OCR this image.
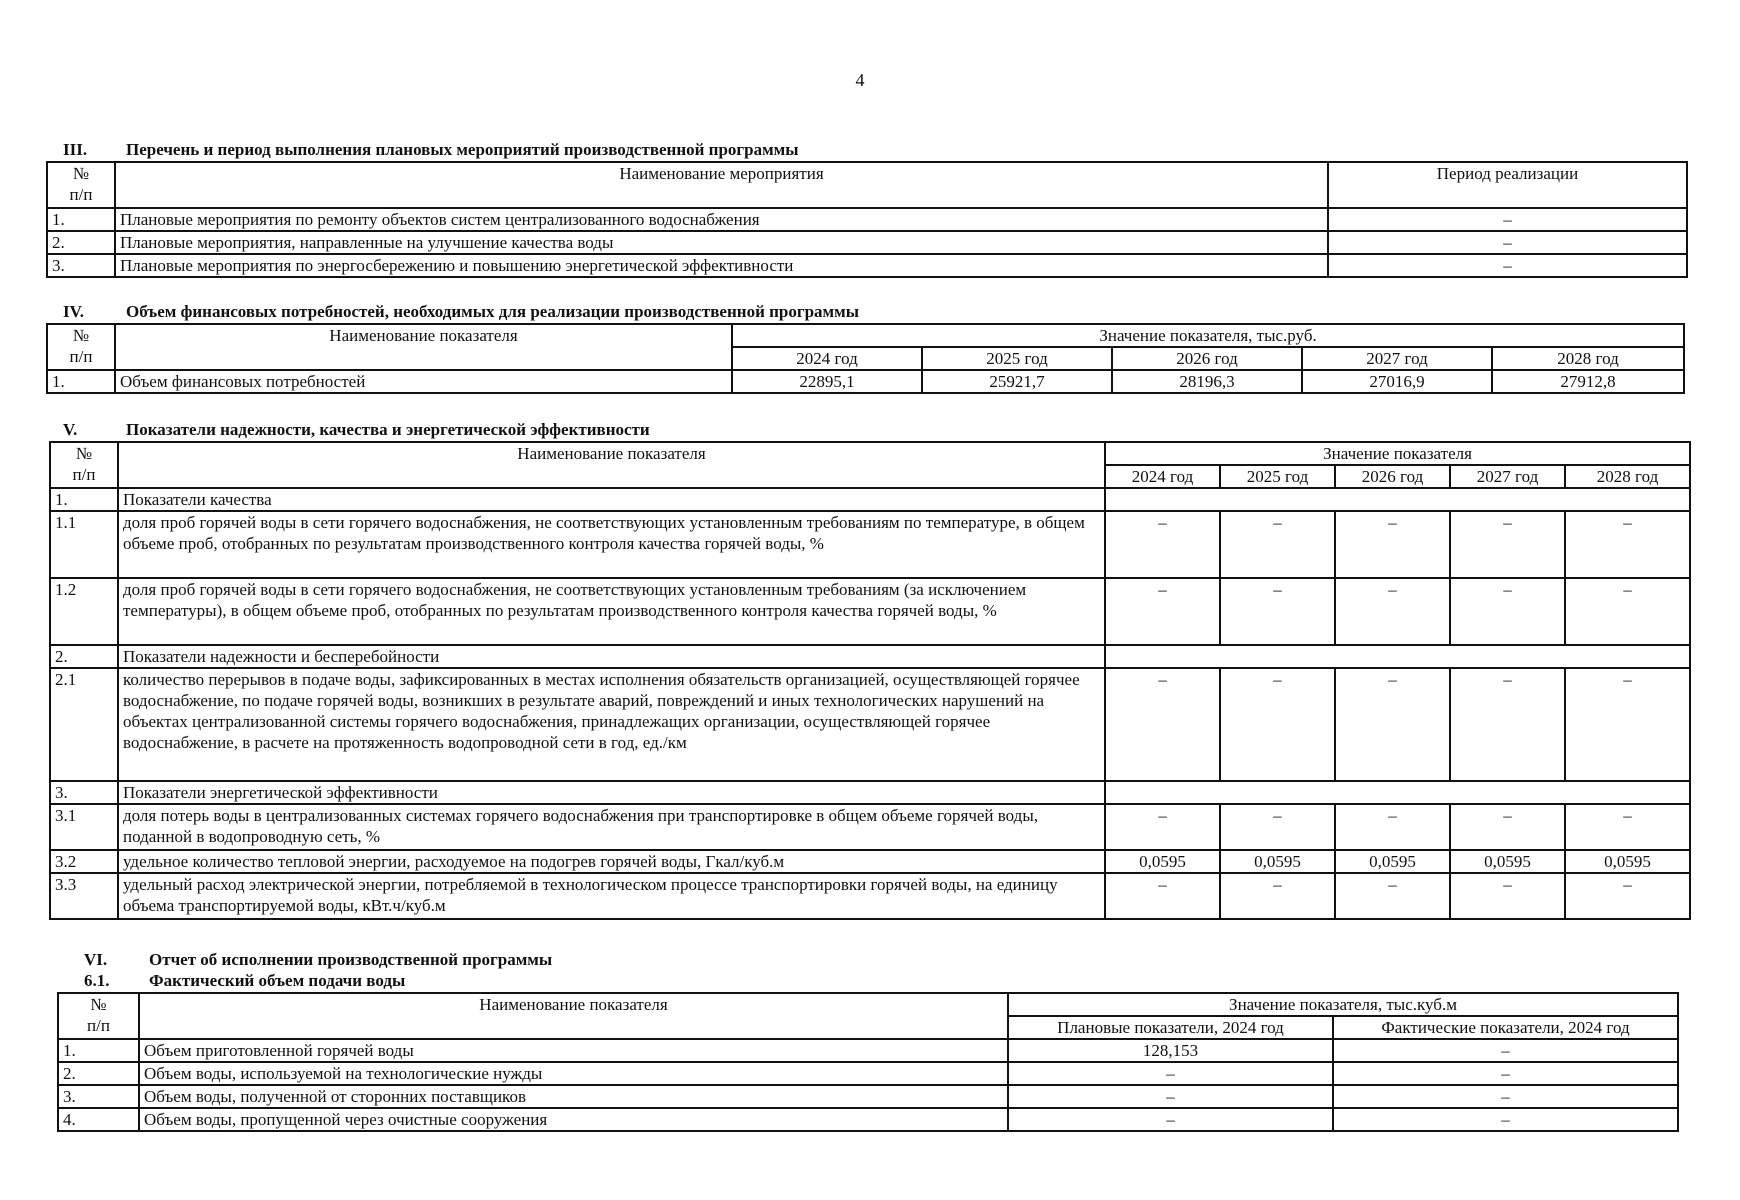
4
III. Перечень и период выполнения плановых мероприятий производственной программы
№
п/п	Наименование мероприятия	Период реализации
1.	Плановые мероприятия по ремонту объектов систем централизованного водоснабжения	–
2.	Плановые мероприятия, направленные на улучшение качества воды	–
3.	Плановые мероприятия по энергосбережению и повышению энергетической эффективности	–
IV. Объем финансовых потребностей, необходимых для реализации производственной программы
№
п/п	Наименование показателя	Значение показателя, тыс.руб.				
		2024 год	2025 год	2026 год	2027 год	2028 год
1.	Объем финансовых потребностей	22895,1	25921,7	28196,3	27016,9	27912,8
V.	Показатели надежности, качества и энергетической эффективности
№
п/п	Наименование показателя	Значение показателя				
		2024 год	2025 год	2026 год	2027 год	2028 год
1.	Показатели качества					
1.1	доля проб горячей воды в сети горячего водоснабжения, не соответствующих установленным требованиям по температуре, в общем объеме проб, отобранных по результатам производственного контроля качества горячей воды, %	–	–	–	–	–
1.2	доля проб горячей воды в сети горячего водоснабжения, не соответствующих установленным требованиям (за исключением температуры), в общем объеме проб, отобранных по результатам производственного контроля качества горячей воды, %	–	–	–	–	–
2.	Показатели надежности и бесперебойности					
2.1	количество перерывов в подаче воды, зафиксированных в местах исполнения обязательств организацией, осуществляющей горячее водоснабжение, по подаче горячей воды, возникших в результате аварий, повреждений и иных технологических нарушений на объектах централизованной системы горячего водоснабжения, принадлежащих организации, осуществляющей горячее водоснабжение, в расчете на протяженность водопроводной сети в год, ед./км	–	–	–	–	–
3.	Показатели энергетической эффективности					
3.1	доля потерь воды в централизованных системах горячего водоснабжения при транспортировке в общем объеме горячей воды, поданной в водопроводную сеть, %	–	–	–	–	–
3.2	удельное количество тепловой энергии, расходуемое на подогрев горячей воды, Гкал/куб.м	0,0595	0,0595	0,0595	0,0595	0,0595
3.3	удельный расход электрической энергии, потребляемой в технологическом процессе транспортировки горячей воды, на единицу объема транспортируемой воды, кВт.ч/куб.м	–	–	–	–	–
VI. Отчет об исполнении производственной программы
6.1. Фактический объем подачи воды
№
п/п	Наименование показателя	Значение показателя, тыс.куб.м	
		Плановые показатели, 2024 год	Фактические показатели, 2024 год
1.	Объем приготовленной горячей воды	128,153	–
2.	Объем воды, используемой на технологические нужды	–	–
3.	Объем воды, полученной от сторонних поставщиков	–	–
4.	Объем воды, пропущенной через очистные сооружения	–	–
